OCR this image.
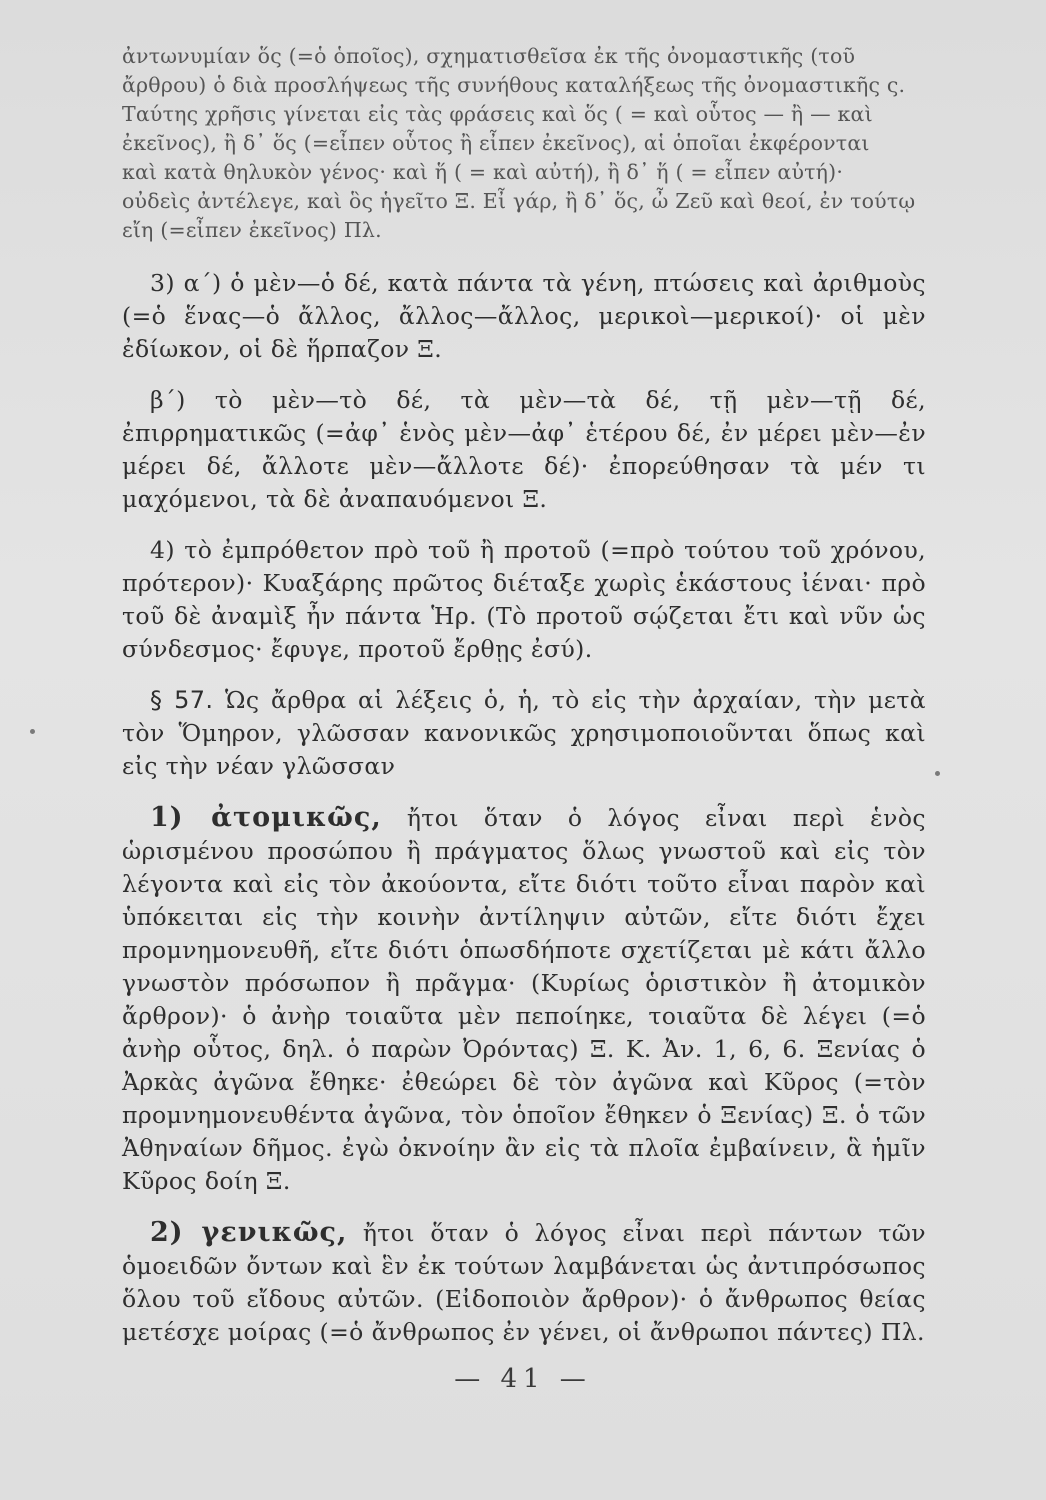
ἀντωνυμίαν ὅς (=ὁ ὁποῖος), σχηματισθεῖσα ἐκ τῆς ὀνομαστικῆς (τοῦ

ἄρθρου) ὁ διὰ προσλήψεως τῆς συνήθους καταλήξεως τῆς ὀνομαστικῆς ς.

Ταύτης χρῆσις γίνεται εἰς τὰς φράσεις καὶ ὅς ( = καὶ οὗτος — ἢ — καὶ

ἐκεῖνος), ἢ δ᾽ ὅς (=εἶπεν οὗτος ἢ εἶπεν ἐκεῖνος), αἱ ὁποῖαι ἐκφέρονται

καὶ κατὰ θηλυκὸν γένος· καὶ ἥ ( = καὶ αὐτή), ἢ δ᾽ ἥ ( = εἶπεν αὐτή)·

οὐδεὶς ἀντέλεγε, καὶ ὃς ἡγεῖτο Ξ. Εἶ γάρ, ἢ δ᾽ ὅς, ὦ Ζεῦ καὶ θεοί, ἐν τούτῳ

εἴη (=εἶπεν ἐκεῖνος) Πλ.

3) α΄) ὁ μὲν—ὁ δέ, κατὰ πάντα τὰ γένη, πτώσεις καὶ ἀριθμοὺς (=ὁ ἕνας—ὁ ἄλλος, ἄλλος—ἄλλος, μερικοὶ—μερικοί)· οἱ μὲν ἐδίωκον, οἱ δὲ ἥρπαζον Ξ.

β΄) τὸ μὲν—τὸ δέ, τὰ μὲν—τὰ δέ, τῇ μὲν—τῇ δέ, ἐπιρρηματικῶς (=ἀφ᾽ ἑνὸς μὲν—ἀφ᾽ ἑτέρου δέ, ἐν μέρει μὲν—ἐν μέρει δέ, ἄλλοτε μὲν—ἄλλοτε δέ)· ἐπορεύθησαν τὰ μέν τι μαχόμενοι, τὰ δὲ ἀναπαυόμενοι Ξ.

4) τὸ ἐμπρόθετον πρὸ τοῦ ἢ προτοῦ (=πρὸ τούτου τοῦ χρόνου, πρότερον)· Κυαξάρης πρῶτος διέταξε χωρὶς ἑκάστους ἰέναι· πρὸ τοῦ δὲ ἀναμὶξ ἦν πάντα Ἡρ. (Τὸ προτοῦ σῴζεται ἔτι καὶ νῦν ὡς σύνδεσμος· ἔφυγε, προτοῦ ἔρθῃς ἐσύ).

§ 57. Ὡς ἄρθρα αἱ λέξεις ὁ, ἡ, τὸ εἰς τὴν ἀρχαίαν, τὴν μετὰ τὸν Ὅμηρον, γλῶσσαν κανονικῶς χρησιμοποιοῦνται ὅπως καὶ εἰς τὴν νέαν γλῶσσαν

1) ἀτομικῶς, ἤτοι ὅταν ὁ λόγος εἶναι περὶ ἑνὸς ὡρισμένου προσώπου ἢ πράγματος ὅλως γνωστοῦ καὶ εἰς τὸν λέγοντα καὶ εἰς τὸν ἀκούοντα, εἴτε διότι τοῦτο εἶναι παρὸν καὶ ὑπόκειται εἰς τὴν κοινὴν ἀντίληψιν αὐτῶν, εἴτε διότι ἔχει προμνημονευθῆ, εἴτε διότι ὁπωσδήποτε σχετίζεται μὲ κάτι ἄλλο γνωστὸν πρόσωπον ἢ πρᾶγμα· (Κυρίως ὁριστικὸν ἢ ἀτομικὸν ἄρθρον)· ὁ ἀνὴρ τοιαῦτα μὲν πεποίηκε, τοιαῦτα δὲ λέγει (=ὁ ἀνὴρ οὗτος, δηλ. ὁ παρὼν Ὀρόντας) Ξ. Κ. Ἀν. 1, 6, 6. Ξενίας ὁ Ἀρκὰς ἀγῶνα ἔθηκε· ἐθεώρει δὲ τὸν ἀγῶνα καὶ Κῦρος (=τὸν προμνημονευθέντα ἀγῶνα, τὸν ὁποῖον ἔθηκεν ὁ Ξενίας) Ξ. ὁ τῶν Ἀθηναίων δῆμος. ἐγὼ ὀκνοίην ἂν εἰς τὰ πλοῖα ἐμβαίνειν, ἃ ἡμῖν Κῦρος δοίη Ξ.

2) γενικῶς, ἤτοι ὅταν ὁ λόγος εἶναι περὶ πάντων τῶν ὁμοειδῶν ὄντων καὶ ἓν ἐκ τούτων λαμβάνεται ὡς ἀντιπρόσωπος ὅλου τοῦ εἴδους αὐτῶν. (Εἰδοποιὸν ἄρθρον)· ὁ ἄνθρωπος θείας μετέσχε μοίρας (=ὁ ἄνθρωπος ἐν γένει, οἱ ἄνθρωποι πάντες) Πλ.

— 41 —
